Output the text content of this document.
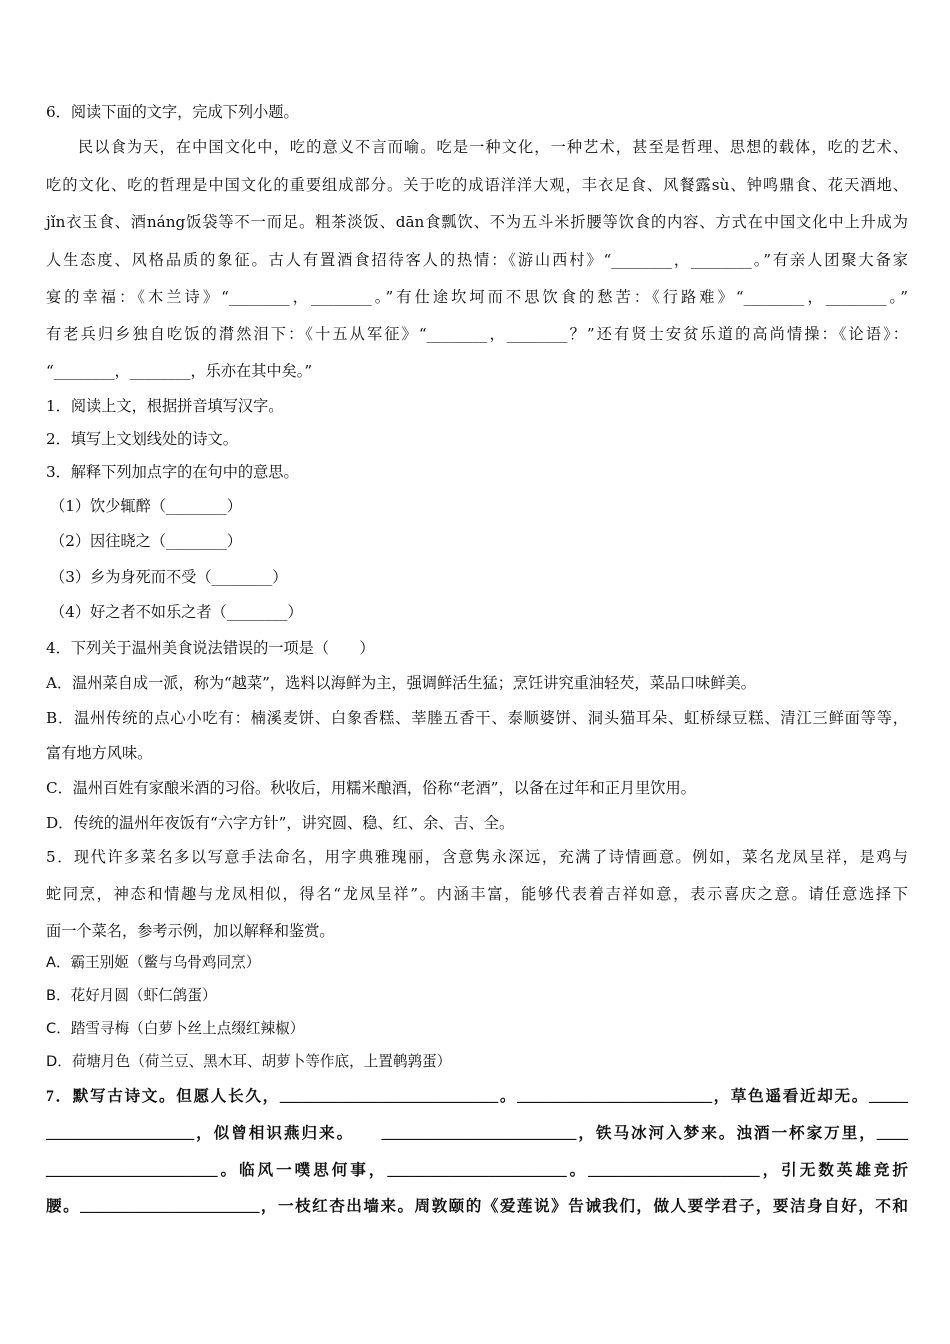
6．阅读下面的文字，完成下列小题。
民以食为天，在中国文化中，吃的意义不言而喻。吃是一种文化，一种艺术，甚至是哲理、思想的载体，吃的艺术、
吃的文化、吃的哲理是中国文化的重要组成部分。关于吃的成语洋洋大观，丰衣足食、风餐露sù、钟鸣鼎食、花天酒地、
jǐn衣玉食、酒náng饭袋等不一而足。粗茶淡饭、dān食瓢饮、不为五斗米折腰等饮食的内容、方式在中国文化中上升成为
人生态度、风格品质的象征。古人有置酒食招待客人的热情：《游山西村》“________，________。”有亲人团聚大备家
宴的幸福：《木兰诗》“________，________。”有仕途坎坷而不思饮食的愁苦：《行路难》“________，________。”
有老兵归乡独自吃饭的潸然泪下：《十五从军征》“________，________？”还有贤士安贫乐道的高尚情操：《论语》：
“________，________，乐亦在其中矣。”
1．阅读上文，根据拼音填写汉字。
2．填写上文划线处的诗文。
3．解释下列加点字的在句中的意思。
（1）饮少辄醉（________）
（2）因往晓之（________）
（3）乡为身死而不受（________）
（4）好之者不如乐之者（________）
4．下列关于温州美食说法错误的一项是（　　）
A．温州菜自成一派，称为“越菜”，选料以海鲜为主，强调鲜活生猛；烹饪讲究重油轻芡，菜品口味鲜美。
B．温州传统的点心小吃有：楠溪麦饼、白象香糕、莘塍五香干、泰顺婆饼、洞头猫耳朵、虹桥绿豆糕、清江三鲜面等等，
富有地方风味。
C．温州百姓有家酿米酒的习俗。秋收后，用糯米酿酒，俗称“老酒”，以备在过年和正月里饮用。
D．传统的温州年夜饭有“六字方针”，讲究圆、稳、红、余、吉、全。
5．现代许多菜名多以写意手法命名，用字典雅瑰丽，含意隽永深远，充满了诗情画意。例如，菜名龙凤呈祥，是鸡与
蛇同烹，神态和情趣与龙凤相似，得名“龙凤呈祥”。内涵丰富，能够代表着吉祥如意，表示喜庆之意。请任意选择下
面一个菜名，参考示例，加以解释和鉴赏。
A．霸王别姬（鳖与乌骨鸡同烹）
B．花好月圆（虾仁鸽蛋）
C．踏雪寻梅（白萝卜丝上点缀红辣椒）
D．荷塘月色（荷兰豆、黑木耳、胡萝卜等作底，上置鹌鹑蛋）
7．默写古诗文。但愿人长久，____________________________。_________________________，草色遥看近却无。_____
___________________，似曾相识燕归来。　　_________________________，铁马冰河入梦来。浊酒一杯家万里，____
______________________。临风一噗思何事，_______________________。______________________，引无数英雄竞折
腰。_______________________，一枝红杏出墙来。周敦颐的《爱莲说》告诫我们，做人要学君子，要洁身自好，不和
